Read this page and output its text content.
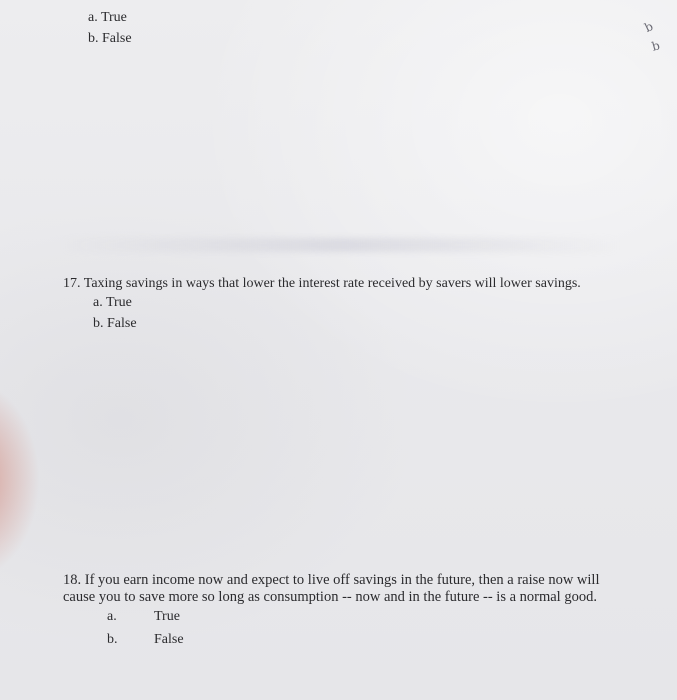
b
b
a. True
b. False
17. Taxing savings in ways that lower the interest rate received by savers will lower savings.
a. True
b. False
18. If you earn income now and expect to live off savings in the future, then a raise now will
cause you to save more so long as consumption -- now and in the future -- is a normal good.
a.	True
b.	False
